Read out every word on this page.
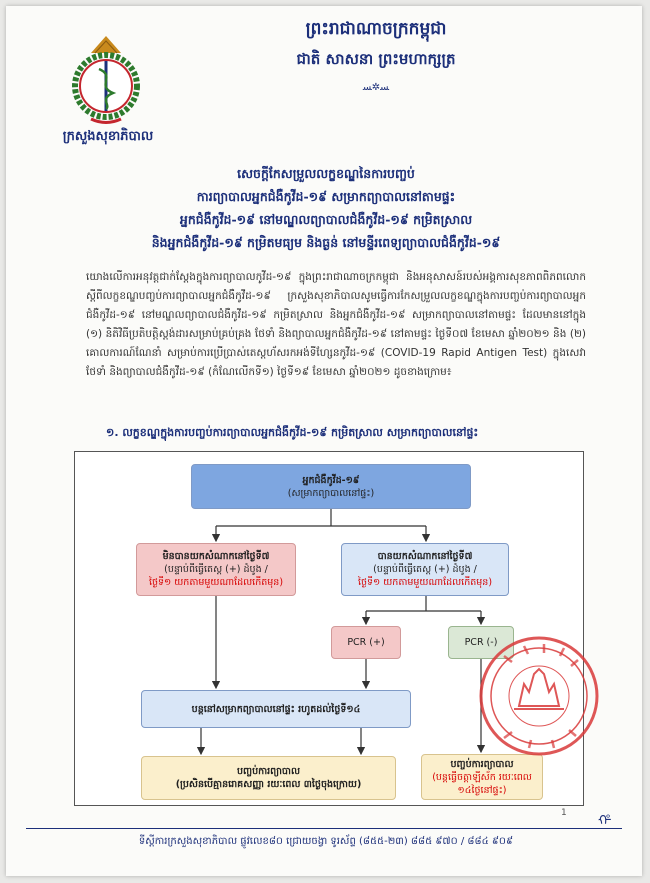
ក្រសួងសុខាភិបាល
ព្រះរាជាណាចក្រកម្ពុជា
ជាតិ សាសនា ព្រះមហាក្សត្រ
ﺴ✲ﺴ
សេចក្តីកែសម្រួលលក្ខខណ្ឌនៃការបញ្ចប់
ការព្យាបាលអ្នកជំងឺកូវីដ-១៩ សម្រាកព្យាបាលនៅតាមផ្ទះ
អ្នកជំងឺកូវីដ-១៩ នៅមណ្ឌលព្យាបាលជំងឺកូវីដ-១៩ កម្រិតស្រាល
និងអ្នកជំងឺកូវីដ-១៩ កម្រិតមធ្យម និងធ្ងន់ នៅមន្ទីរពេទ្យព្យាបាលជំងឺកូវីដ-១៩
យោងលើការអនុវត្តជាក់ស្តែងក្នុងការព្យាបាលកូវីដ-១៩ ក្នុងព្រះរាជាណាចក្រកម្ពុជា និងអនុសាសន៍របស់អង្គការសុខភាពពិភពលោកស្តីពីលក្ខខណ្ឌបញ្ចប់ការព្យាបាលអ្នកជំងឺកូវីដ-១៩ ក្រសួងសុខាភិបាលសូមធ្វើការកែសម្រួលលក្ខខណ្ឌក្នុងការបញ្ចប់ការព្យាបាលអ្នកជំងឺកូវីដ-១៩ នៅមណ្ឌលព្យាបាលជំងឺកូវីដ-១៩ កម្រិតស្រាល និងអ្នកជំងឺកូវីដ-១៩ សម្រាកព្យាបាលនៅតាមផ្ទះ ដែលមាននៅក្នុង (១) និតិវិធីប្រតិបត្តិស្តង់ដារសម្រាប់គ្រប់គ្រង ថែទាំ និងព្យាបាលអ្នកជំងឺកូវីដ-១៩ នៅតាមផ្ទះ ថ្ងៃទី០៧ ខែមេសា ឆ្នាំ២០២១ និង (២) គោលការណ៍ណែនាំ សម្រាប់ការប្រើប្រាស់តេស្តហ័សរកអង់ទីហ្សែនកូវីដ-១៩ (COVID-19 Rapid Antigen Test) ក្នុងសេវាថែទាំ និងព្យាបាលជំងឺកូវីដ-១៩ (កំណែលើកទី១) ថ្ងៃទី១៩ ខែមេសា ឆ្នាំ២០២១ ដូចខាងក្រោម៖
១. លក្ខខណ្ឌក្នុងការបញ្ចប់ការព្យាបាលអ្នកជំងឺកូវីដ-១៩ កម្រិតស្រាល សម្រាកព្យាបាលនៅផ្ទះ
អ្នកជំងឺកូវីដ-១៩
(សម្រាកព្យាបាលនៅផ្ទះ)
មិនបានយកសំណាកនៅថ្ងៃទី៧
(បន្ទាប់ពីធ្វើតេស្ត (+) ដំបូង /
ថ្ងៃទី១ យកតាមមួយណាដែលកើតមុន)
បានយកសំណាកនៅថ្ងៃទី៧
(បន្ទាប់ពីធ្វើតេស្ត (+) ដំបូង /
ថ្ងៃទី១ យកតាមមួយណាដែលកើតមុន)
PCR (+)	PCR (-)
បន្តនៅសម្រាកព្យាបាលនៅផ្ទះ រហូតដល់ថ្ងៃទី១៤
បញ្ចប់ការព្យាបាល
(ប្រសិនបើគ្មានរោគសញ្ញា រយៈពេល ៣ថ្ងៃចុងក្រោយ)
បញ្ចប់ការព្យាបាល
(បន្តធ្វើចត្តាឡីស័ក រយៈពេល
១៤ថ្ងៃនៅផ្ទះ)
1 ᡥ
ទីស្តីការក្រសួងសុខាភិបាល ផ្លូវលេខ៨០ ជ្រោយចង្វា ទូរស័ព្ទ (៨៥៥-២៣) ៨៨៥ ៩៧០ / ៨៨៤ ៩០៩
